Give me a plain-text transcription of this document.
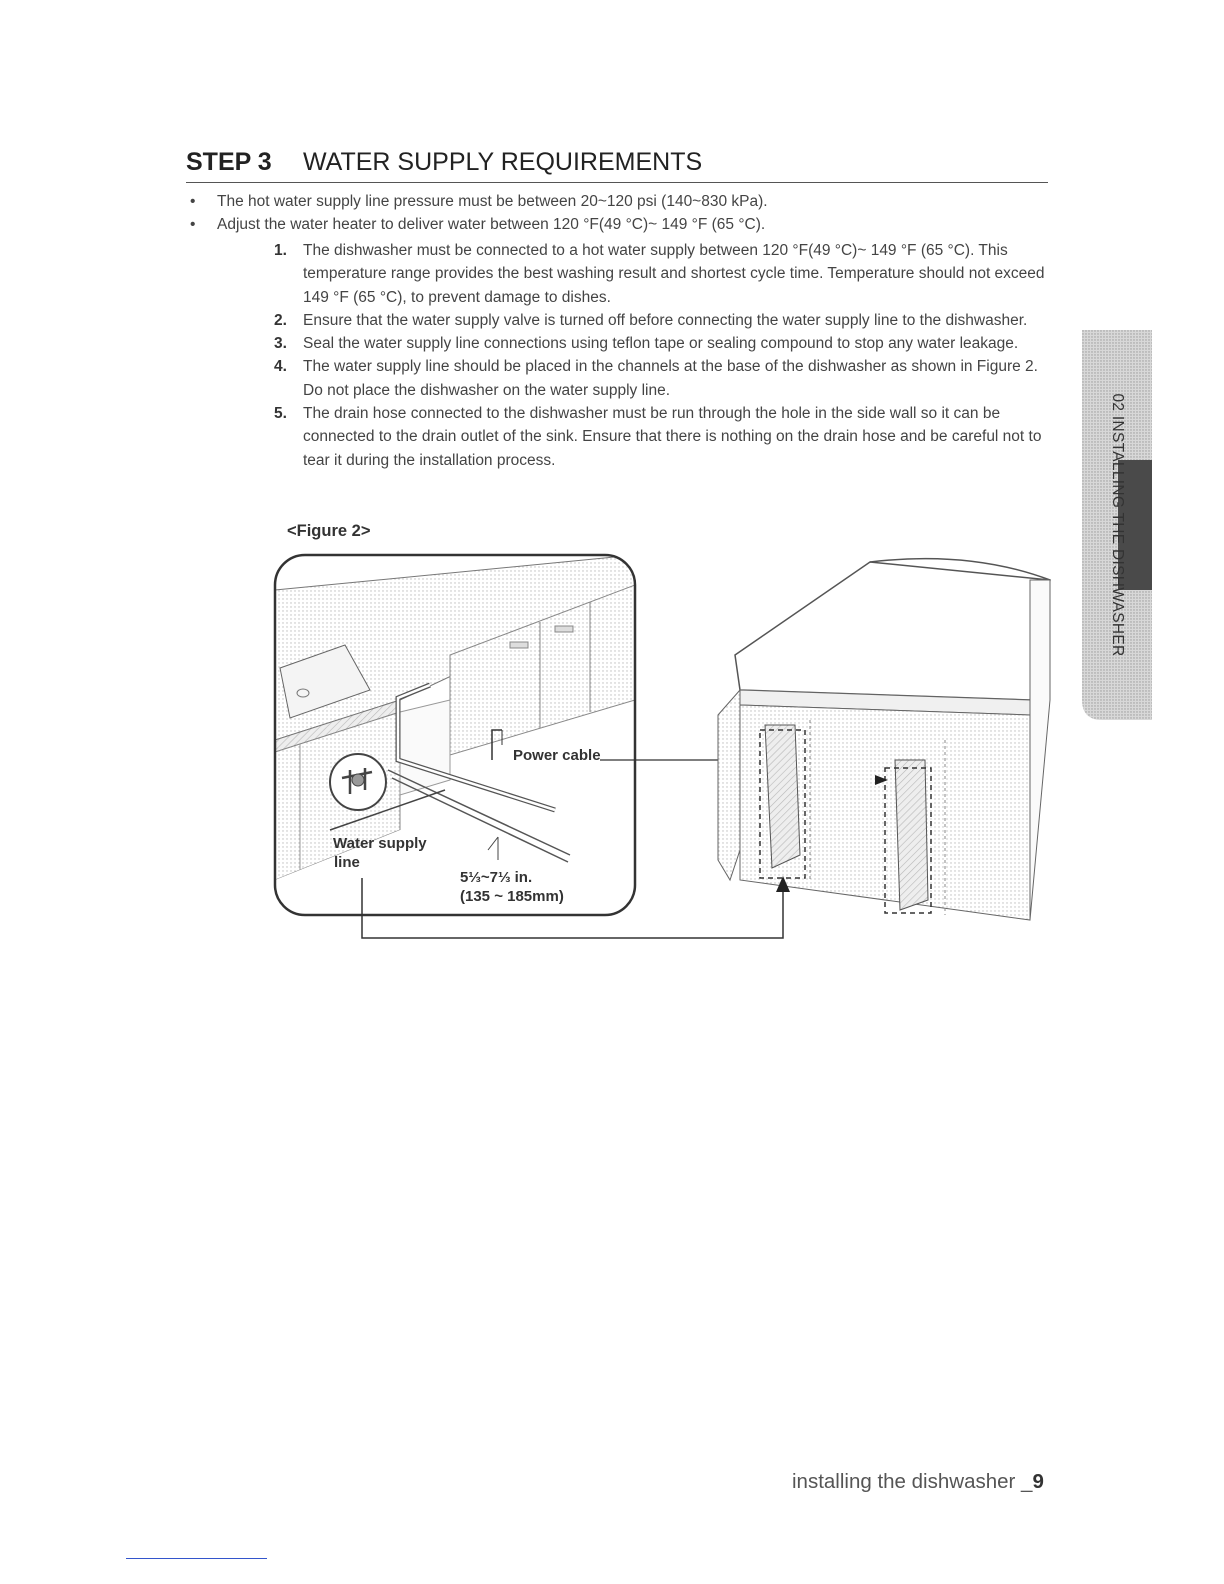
STEP 3 WATER SUPPLY REQUIREMENTS
• The hot water supply line pressure must be between 20~120 psi (140~830 kPa).
• Adjust the water heater to deliver water between 120 °F(49 °C)~ 149 °F (65 °C).
1. The dishwasher must be connected to a hot water supply between 120 °F(49 °C)~ 149 °F (65 °C). This temperature range provides the best washing result and shortest cycle time. Temperature should not exceed 149 °F (65 °C), to prevent damage to dishes.
2. Ensure that the water supply valve is turned off before connecting the water supply line to the dishwasher.
3. Seal the water supply line connections using teflon tape or sealing compound to stop any water leakage.
4. The water supply line should be placed in the channels at the base of the dishwasher as shown in Figure 2. Do not place the dishwasher on the water supply line.
5. The drain hose connected to the dishwasher must be run through the hole in the side wall so it can be connected to the drain outlet of the sink. Ensure that there is nothing on the drain hose and be careful not to tear it during the installation process.
<Figure 2>
Power cable
Water supply
line
5⅓~7⅓ in.
(135 ~ 185mm)
02 INSTALLING THE DISHWASHER
installing the dishwasher _9
